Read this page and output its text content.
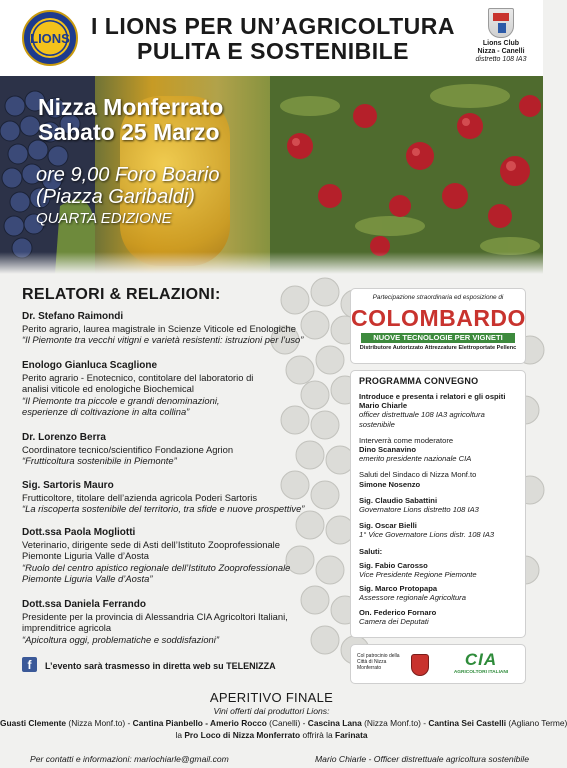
LIONS I LIONS PER UN’AGRICOLTURA
PULITA E SOSTENIBILE	Lions Club
Nizza - Canelli
distretto 108 IA3
Nizza Monferrato
Sabato 25 Marzo
ore 9,00 Foro Boario
(Piazza Garibaldi)
QUARTA EDIZIONE
RELATORI & RELAZIONI:
Dr. Stefano Raimondi
Perito agrario, laurea magistrale in Scienze Viticole ed Enologiche
“Il Piemonte tra vecchi vitigni e varietà resistenti: istruzioni per l’uso”
Enologo Gianluca Scaglione
Perito agrario - Enotecnico, contitolare del laboratorio di analisi viticole ed enologiche Biochemical
“Il Piemonte tra piccole e grandi denominazioni, esperienze di coltivazione in alta collina”
Dr. Lorenzo Berra
Coordinatore tecnico/scientifico Fondazione Agrion
“Frutticoltura sostenibile in Piemonte”
Sig. Sartoris Mauro
Frutticoltore, titolare dell’azienda agricola Poderi Sartoris
“La riscoperta sostenibile del territorio, tra sfide e nuove prospettive”
Dott.ssa Paola Mogliotti
Veterinario, dirigente sede di Asti dell’Istituto Zooprofessionale Piemonte Liguria Valle d’Aosta
“Ruolo del centro apistico regionale dell’Istituto Zooprofessionale Piemonte Liguria Valle d’Aosta”
Dott.ssa Daniela Ferrando
Presidente per la provincia di Alessandria CIA Agricoltori Italiani, imprenditrice agricola
“Apicoltura oggi, problematiche e soddisfazioni”
Partecipazione straordinaria ed esposizione di
COLOMBARDO
NUOVE TECNOLOGIE PER VIGNETI
Distributore Autorizzato Attrezzature Elettroportate Pellenc
PROGRAMMA CONVEGNO
Introduce e presenta i relatori e gli ospiti Mario Chiarle
officer distrettuale 108 IA3 agricoltura sostenibile
Interverrà come moderatore
Dino Scanavino
emerito presidente nazionale CIA
Saluti del Sindaco di Nizza Monf.to
Simone Nosenzo
Sig. Claudio Sabattini
Governatore Lions distretto 108 IA3
Sig. Oscar Bielli
1° Vice Governatore Lions distr. 108 IA3
Saluti:
Sig. Fabio Carosso
Vice Presidente Regione Piemonte
Sig. Marco Protopapa
Assessore regionale Agricoltura
On. Federico Fornaro
Camera dei Deputati
Col patrocinio della Città di Nizza Monferrato	CIA
AGRICOLTORI ITALIANI
f	L’evento sarà trasmesso in diretta web su TELENIZZA
APERITIVO FINALE
Vini offerti dai produttori Lions:
Guasti Clemente (Nizza Monf.to) - Cantina Pianbello - Amerio Rocco (Canelli) - Cascina Lana (Nizza Monf.to) - Cantina Sei Castelli (Agliano Terme)
la Pro Loco di Nizza Monferrato offrirà la Farinata
Per contatti e informazioni: mariochiarle@gmail.com	Mario Chiarle - Officer distrettuale agricoltura sostenibile
